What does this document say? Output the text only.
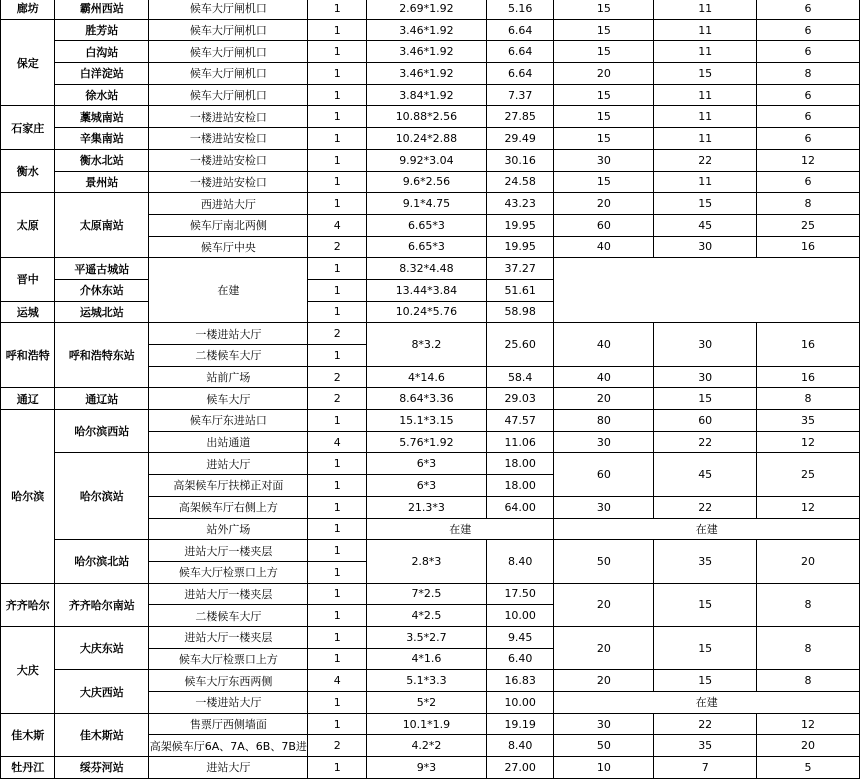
廊坊	霸州西站	候车大厅闸机口	1	2.69*1.92	5.16	15	11	6
保定	胜芳站	候车大厅闸机口	1	3.46*1.92	6.64	15	11	6
	白沟站	候车大厅闸机口	1	3.46*1.92	6.64	15	11	6
	白洋淀站	候车大厅闸机口	1	3.46*1.92	6.64	20	15	8
	徐水站	候车大厅闸机口	1	3.84*1.92	7.37	15	11	6
石家庄	藁城南站	一楼进站安检口	1	10.88*2.56	27.85	15	11	6
	辛集南站	一楼进站安检口	1	10.24*2.88	29.49	15	11	6
衡水	衡水北站	一楼进站安检口	1	9.92*3.04	30.16	30	22	12
	景州站	一楼进站安检口	1	9.6*2.56	24.58	15	11	6
太原	太原南站	西进站大厅	1	9.1*4.75	43.23	20	15	8
		候车厅南北两侧	4	6.65*3	19.95	60	45	25
		候车厅中央	2	6.65*3	19.95	40	30	16
晋中	平遥古城站	在建	1	8.32*4.48	37.27			
	介休东站		1	13.44*3.84	51.61			
运城	运城北站		1	10.24*5.76	58.98			
呼和浩特	呼和浩特东站	一楼进站大厅	2	8*3.2	25.60	40	30	16
		二楼候车大厅	1					
		站前广场	2	4*14.6	58.4	40	30	16
通辽	通辽站	候车大厅	2	8.64*3.36	29.03	20	15	8
哈尔滨	哈尔滨西站	候车厅东进站口	1	15.1*3.15	47.57	80	60	35
		出站通道	4	5.76*1.92	11.06	30	22	12
	哈尔滨站	进站大厅	1	6*3	18.00	60	45	25
		高架候车厅扶梯正对面	1	6*3	18.00			
		高架候车厅右侧上方	1	21.3*3	64.00	30	22	12
		站外广场	1	在建		在建		
	哈尔滨北站	进站大厅一楼夹层	1	2.8*3	8.40	50	35	20
		候车大厅检票口上方	1					
齐齐哈尔	齐齐哈尔南站	进站大厅一楼夹层	1	7*2.5	17.50	20	15	8
		二楼候车大厅	1	4*2.5	10.00			
大庆	大庆东站	进站大厅一楼夹层	1	3.5*2.7	9.45	20	15	8
		候车大厅检票口上方	1	4*1.6	6.40			
	大庆西站	候车大厅东西两侧	4	5.1*3.3	16.83	20	15	8
		一楼进站大厅	1	5*2	10.00	在建		
佳木斯	佳木斯站	售票厅西侧墙面	1	10.1*1.9	19.19	30	22	12
		高架候车厅6A、7A、6B、7B进	2	4.2*2	8.40	50	35	20
牡丹江	绥芬河站	进站大厅	1	9*3	27.00	10	7	5
